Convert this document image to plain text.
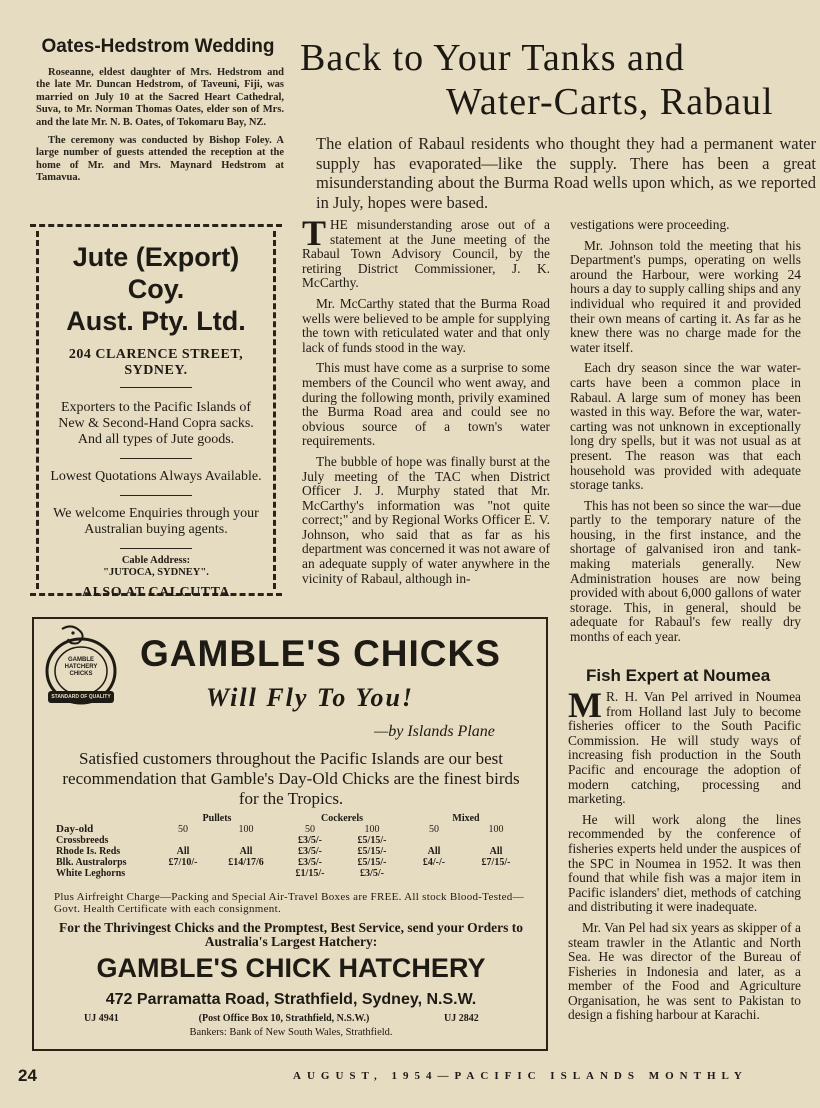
Oates-Hedstrom Wedding

Roseanne, eldest daughter of Mrs. Hedstrom and the late Mr. Duncan Hedstrom, of Taveuni, Fiji, was married on July 10 at the Sacred Heart Cathedral, Suva, to Mr. Norman Thomas Oates, elder son of Mrs. and the late Mr. N. B. Oates, of Tokomaru Bay, NZ.

The ceremony was conducted by Bishop Foley. A large number of guests attended the reception at the home of Mr. and Mrs. Maynard Hedstrom at Tamavua.

Jute (Export) Coy.
Aust. Pty. Ltd.
204 CLARENCE STREET,
SYDNEY.
Exporters to the Pacific Islands of New & Second-Hand Copra sacks. And all types of Jute goods.
Lowest Quotations Always Available.
We welcome Enquiries through your Australian buying agents.
Cable Address:
"JUTOCA, SYDNEY".
ALSO AT CALCUTTA
Back to Your Tanks and
Water-Carts, Rabaul
The elation of Rabaul residents who thought they had a permanent water supply has evaporated—like the supply. There has been a great misunderstanding about the Burma Road wells upon which, as we reported in July, hopes were based.

THE misunderstanding arose out of a statement at the June meeting of the Rabaul Town Advisory Council, by the retiring District Commissioner, J. K. McCarthy.

Mr. McCarthy stated that the Burma Road wells were believed to be ample for supplying the town with reticulated water and that only lack of funds stood in the way.

This must have come as a surprise to some members of the Council who went away, and during the following month, privily examined the Burma Road area and could see no obvious source of a town's water requirements.

The bubble of hope was finally burst at the July meeting of the TAC when District Officer J. J. Murphy stated that Mr. McCarthy's information was "not quite correct;" and by Regional Works Officer E. V. Johnson, who said that as far as his department was concerned it was not aware of an adequate supply of water anywhere in the vicinity of Rabaul, although in-

vestigations were proceeding.

Mr. Johnson told the meeting that his Department's pumps, operating on wells around the Harbour, were working 24 hours a day to supply calling ships and any individual who required it and provided their own means of carting it. As far as he knew there was no charge made for the water itself.

Each dry season since the war water-carts have been a common place in Rabaul. A large sum of money has been wasted in this way. Before the war, water-carting was not unknown in exceptionally long dry spells, but it was not usual as at present. The reason was that each household was provided with adequate storage tanks.

This has not been so since the war—due partly to the temporary nature of the housing, in the first instance, and the shortage of galvanised iron and tank-making materials generally. New Administration houses are now being provided with about 6,000 gallons of water storage. This, in general, should be adequate for Rabaul's few really dry months of each year.

Fish Expert at Noumea

M R. H. Van Pel arrived in Noumea from Holland last July to become fisheries officer to the South Pacific Commission. He will study ways of increasing fish production in the South Pacific and encourage the adoption of modern catching, processing and marketing.

He will work along the lines recommended by the conference of fisheries experts held under the auspices of the SPC in Noumea in 1952. It was then found that while fish was a major item in Pacific islanders' diet, methods of catching and distributing it were inadequate.

Mr. Van Pel had six years as skipper of a steam trawler in the Atlantic and North Sea. He was director of the Bureau of Fisheries in Indonesia and later, as a member of the Food and Agriculture Organisation, he was sent to Pakistan to design a fishing harbour at Karachi.

GAMBLE
HATCHERY
CHICKS
STANDARD OF QUALITY
GAMBLE'S CHICKS
Will Fly To You!
—by Islands Plane
Satisfied customers throughout the Pacific Islands are our best recommendation that Gamble's Day-Old Chicks are the finest birds for the Tropics.
	Pullets		Cockerels		Mixed	
Day-old	50	100	50	100	50	100
Crossbreeds			£3/5/-	£5/15/-		
Rhode Is. Reds	All	All	£3/5/-	£5/15/-	All	All
Blk. Australorps	£7/10/-	£14/17/6	£3/5/-	£5/15/-	£4/-/-	£7/15/-
White Leghorns			£1/15/-	£3/5/-		
Plus Airfreight Charge—Packing and Special Air-Travel Boxes are FREE. All stock Blood-Tested—Govt. Health Certificate with each consignment.
For the Thrivingest Chicks and the Promptest, Best Service, send your Orders to Australia's Largest Hatchery:
GAMBLE'S CHICK HATCHERY
472 Parramatta Road, Strathfield, Sydney, N.S.W.
UJ 4941	(Post Office Box 10, Strathfield, N.S.W.)	UJ 2842
Bankers: Bank of New South Wales, Strathfield.
24	AUGUST, 1954—PACIFIC ISLANDS MONTHLY
